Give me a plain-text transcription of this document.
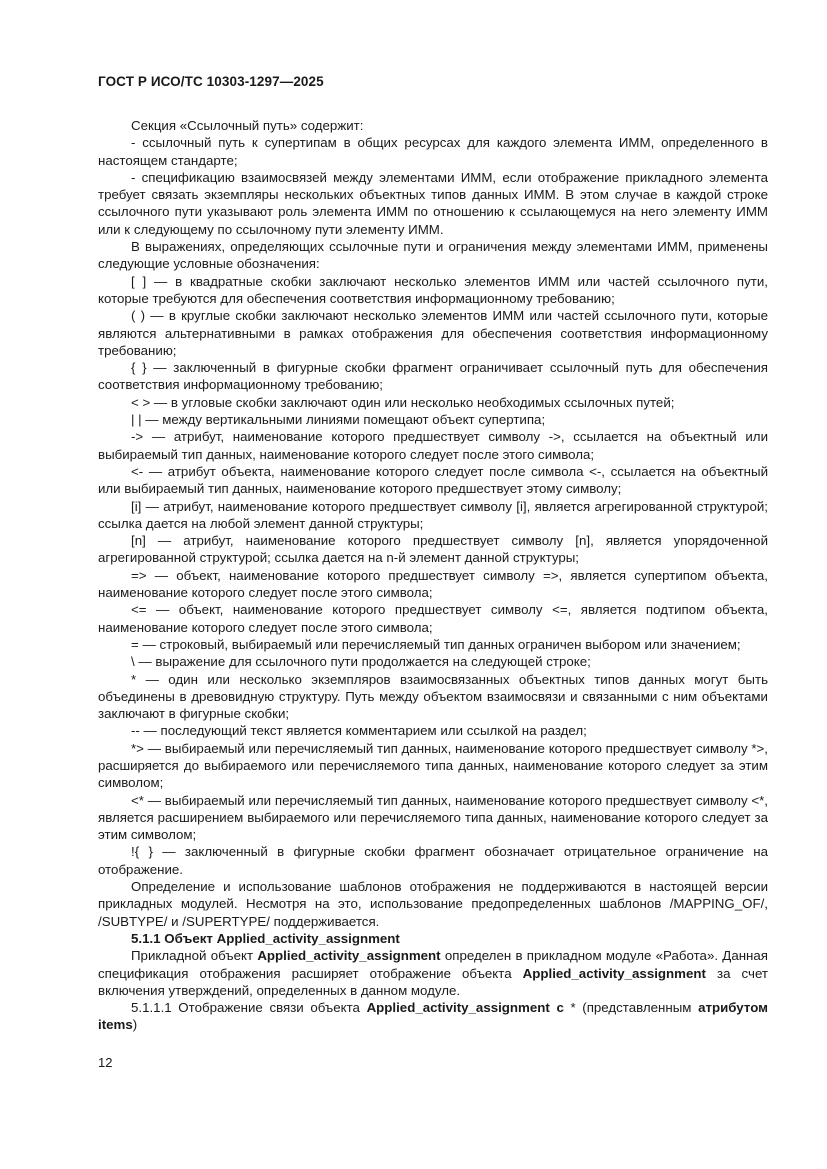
ГОСТ Р ИСО/ТС 10303-1297—2025

Секция «Ссылочный путь» содержит:

- ссылочный путь к супертипам в общих ресурсах для каждого элемента ИММ, определенного в настоящем стандарте;

- спецификацию взаимосвязей между элементами ИММ, если отображение прикладного элемента требует связать экземпляры нескольких объектных типов данных ИММ. В этом случае в каждой строке ссылочного пути указывают роль элемента ИММ по отношению к ссылающемуся на него элементу ИММ или к следующему по ссылочному пути элементу ИММ.

В выражениях, определяющих ссылочные пути и ограничения между элементами ИММ, применены следующие условные обозначения:

[ ] — в квадратные скобки заключают несколько элементов ИММ или частей ссылочного пути, которые требуются для обеспечения соответствия информационному требованию;

( ) — в круглые скобки заключают несколько элементов ИММ или частей ссылочного пути, которые являются альтернативными в рамках отображения для обеспечения соответствия информационному требованию;

{ } — заключенный в фигурные скобки фрагмент ограничивает ссылочный путь для обеспечения соответствия информационному требованию;

< > — в угловые скобки заключают один или несколько необходимых ссылочных путей;

| | — между вертикальными линиями помещают объект супертипа;

-> — атрибут, наименование которого предшествует символу ->, ссылается на объектный или выбираемый тип данных, наименование которого следует после этого символа;

<- — атрибут объекта, наименование которого следует после символа <-, ссылается на объектный или выбираемый тип данных, наименование которого предшествует этому символу;

[i] — атрибут, наименование которого предшествует символу [i], является агрегированной структурой; ссылка дается на любой элемент данной структуры;

[n] — атрибут, наименование которого предшествует символу [n], является упорядоченной агрегированной структурой; ссылка дается на n-й элемент данной структуры;

=> — объект, наименование которого предшествует символу =>, является супертипом объекта, наименование которого следует после этого символа;

<= — объект, наименование которого предшествует символу <=, является подтипом объекта, наименование которого следует после этого символа;

= — строковый, выбираемый или перечисляемый тип данных ограничен выбором или значением;

\ — выражение для ссылочного пути продолжается на следующей строке;

* — один или несколько экземпляров взаимосвязанных объектных типов данных могут быть объединены в древовидную структуру. Путь между объектом взаимосвязи и связанными с ним объектами заключают в фигурные скобки;

-- — последующий текст является комментарием или ссылкой на раздел;

*> — выбираемый или перечисляемый тип данных, наименование которого предшествует символу *>, расширяется до выбираемого или перечисляемого типа данных, наименование которого следует за этим символом;

<* — выбираемый или перечисляемый тип данных, наименование которого предшествует символу <*, является расширением выбираемого или перечисляемого типа данных, наименование которого следует за этим символом;

!{ } — заключенный в фигурные скобки фрагмент обозначает отрицательное ограничение на отображение.

Определение и использование шаблонов отображения не поддерживаются в настоящей версии прикладных модулей. Несмотря на это, использование предопределенных шаблонов /MAPPING_OF/, /SUBTYPE/ и /SUPERTYPE/ поддерживается.

5.1.1 Объект Applied_activity_assignment

Прикладной объект Applied_activity_assignment определен в прикладном модуле «Работа». Данная спецификация отображения расширяет отображение объекта Applied_activity_assignment за счет включения утверждений, определенных в данном модуле.

5.1.1.1 Отображение связи объекта Applied_activity_assignment с * (представленным атрибутом items)

12
